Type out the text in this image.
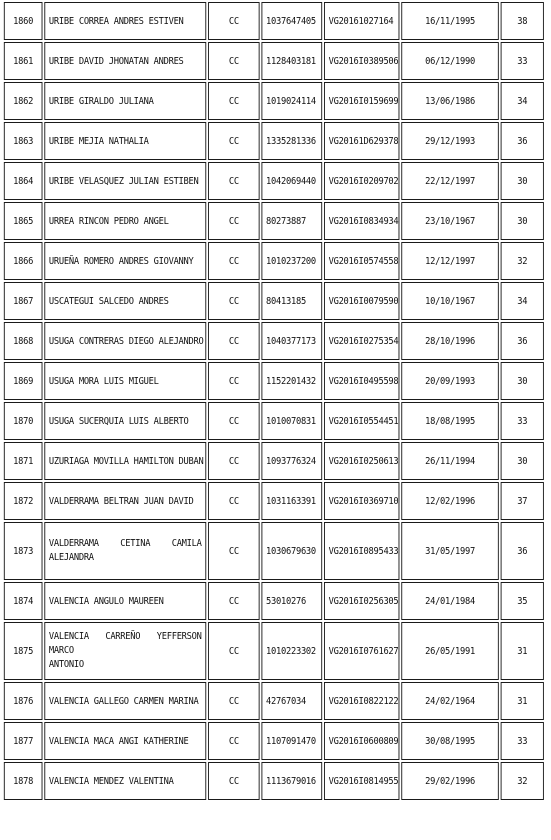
1860	URIBE CORREA ANDRES ESTIVEN	CC	1037647405	VG20161027164	16/11/1995	38
1861	URIBE DAVID JHONATAN ANDRES	CC	1128403181	VG2016I0389506	06/12/1990	33
1862	URIBE GIRALDO JULIANA	CC	1019024114	VG2016I0159699	13/06/1986	34
1863	URIBE MEJIA NATHALIA	CC	1335281336	VG20161D629378	29/12/1993	36
1864	URIBE VELASQUEZ JULIAN ESTIBEN	CC	1042069440	VG2016I0209702	22/12/1997	30
1865	URREA RINCON PEDRO ANGEL	CC	80273887	VG2016I0834934	23/10/1967	30
1866	URUEÑA ROMERO ANDRES GIOVANNY	CC	1010237200	VG2016I0574558	12/12/1997	32
1867	USCATEGUI SALCEDO ANDRES	CC	80413185	VG2016I0079590	10/10/1967	34
1868	USUGA CONTRERAS DIEGO ALEJANDRO	CC	1040377173	VG2016I0275354	28/10/1996	36
1869	USUGA MORA LUIS MIGUEL	CC	1152201432	VG2016I0495598	20/09/1993	30
1870	USUGA SUCERQUIA LUIS ALBERTO	CC	1010070831	VG2016I0554451	18/08/1995	33
1871	UZURIAGA MOVILLA HAMILTON DUBAN	CC	1093776324	VG2016I0250613	26/11/1994	30
1872	VALDERRAMA BELTRAN JUAN DAVID	CC	1031163391	VG2016I0369710	12/02/1996	37
1873	VALDERRAMA CETINA CAMILA
ALEJANDRA	CC	1030679630	VG2016I0895433	31/05/1997	36
1874	VALENCIA ANGULO MAUREEN	CC	53010276	VG2016I0256305	24/01/1984	35
1875	VALENCIA CARREÑO YEFFERSON MARCO
ANTONIO	CC	1010223302	VG2016I0761627	26/05/1991	31
1876	VALENCIA GALLEGO CARMEN MARINA	CC	42767034	VG2016I0822122	24/02/1964	31
1877	VALENCIA MACA ANGI KATHERINE	CC	1107091470	VG2016I0600809	30/08/1995	33
1878	VALENCIA MENDEZ VALENTINA	CC	1113679016	VG2016I0814955	29/02/1996	32
